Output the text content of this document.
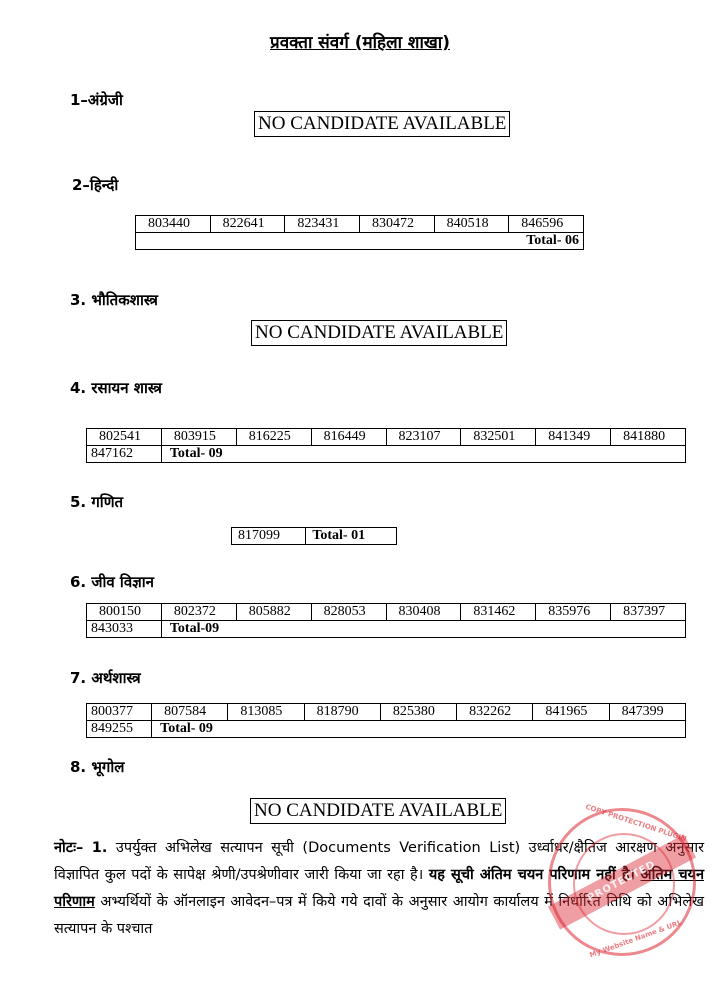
प्रवक्ता संवर्ग (महिला शाखा)
1–अंग्रेजी
NO CANDIDATE AVAILABLE
2–हिन्दी
803440	822641	823431	830472	840518	846596
Total- 06
3. भौतिकशास्त्र
NO CANDIDATE AVAILABLE
4. रसायन शास्त्र
802541	803915	816225	816449	823107	832501	841349	841880
847162	Total- 09						
5. गणित
817099	Total- 01
6. जीव विज्ञान
800150	802372	805882	828053	830408	831462	835976	837397
843033	Total-09						
7. अर्थशास्त्र
800377	807584	813085	818790	825380	832262	841965	847399
849255	Total- 09						
8. भूगोल
NO CANDIDATE AVAILABLE
नोटः– 1. उपर्युक्त अभिलेख सत्यापन सूची (Documents Verification List) उर्ध्वाधर/क्षैतिज आरक्षण अनुसार विज्ञापित कुल पदों के सापेक्ष श्रेणी/उपश्रेणीवार जारी किया जा रहा है। यह सूची अंतिम चयन परिणाम नहीं है। अंतिम चयन परिणाम अभ्यर्थियों के ऑनलाइन आवेदन–पत्र में किये गये दावों के अनुसार आयोग कार्यालय में निर्धारित तिथि को अभिलेख सत्यापन के पश्चात
COPY PROTECTION PLUGIN
PROTECTED
My Website Name & URL
